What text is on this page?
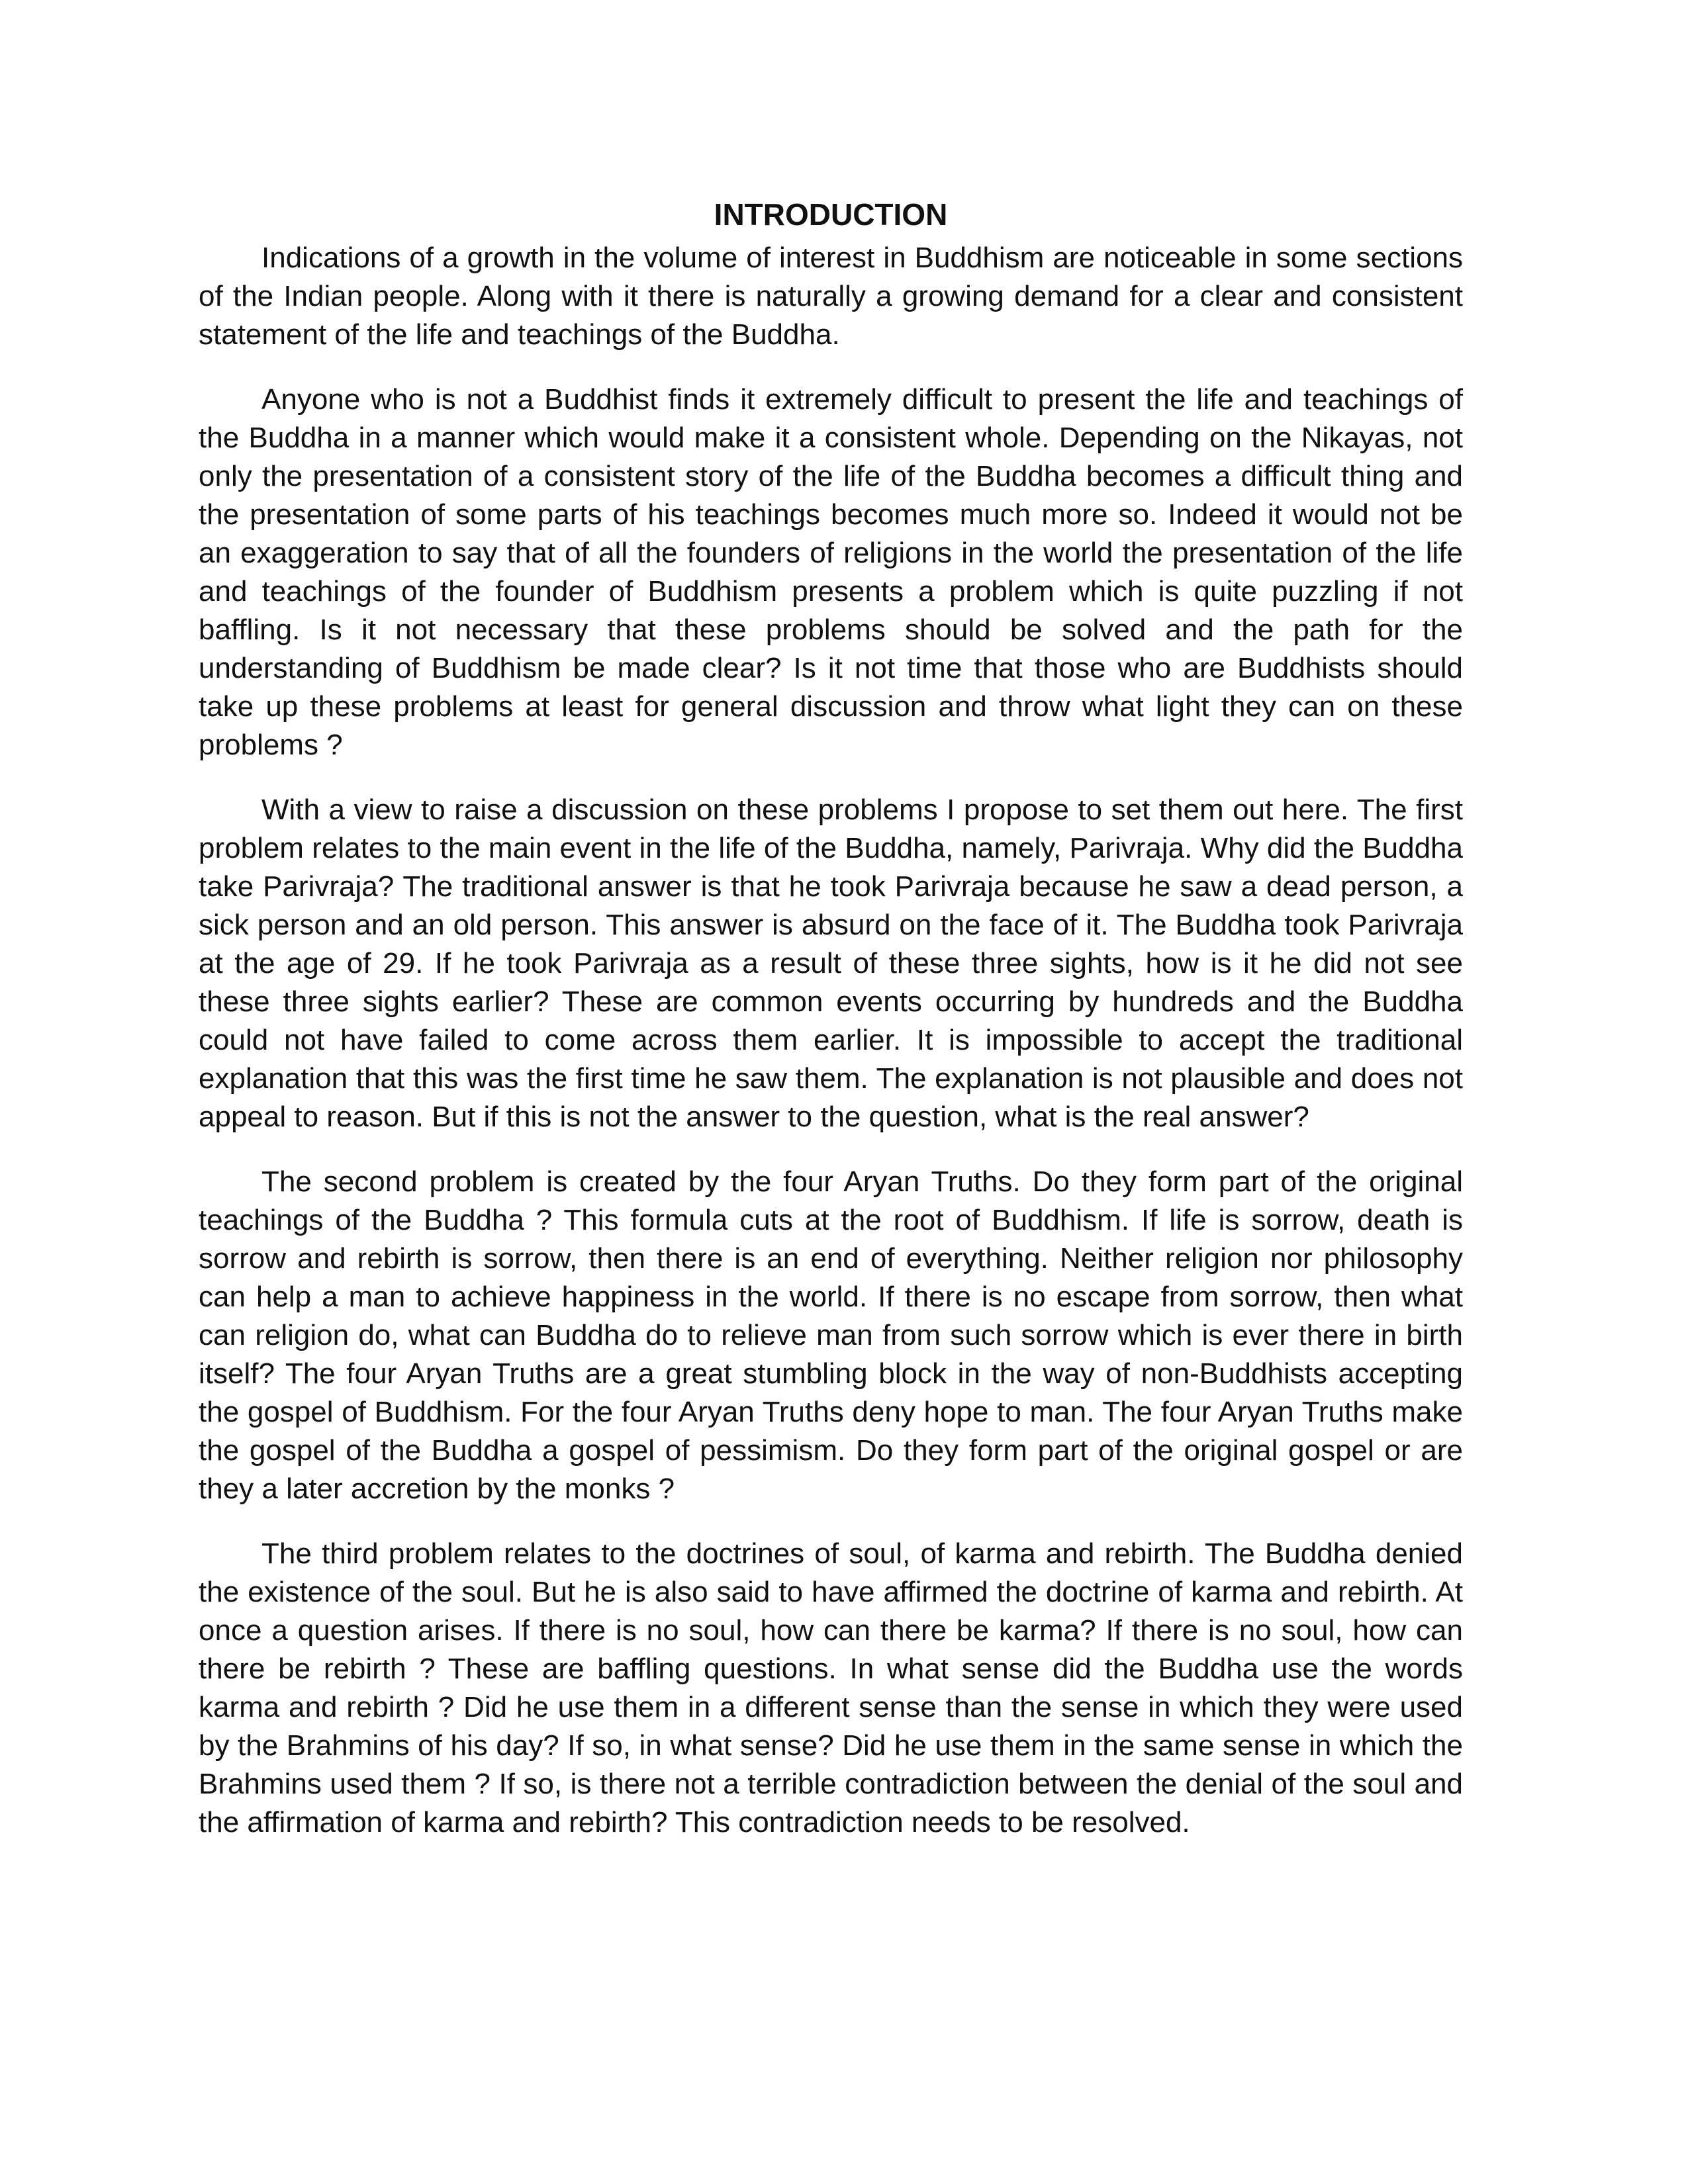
INTRODUCTION

Indications of a growth in the volume of interest in Buddhism are noticeable in some sections of the Indian people. Along with it there is naturally a growing demand for a clear and consistent statement of the life and teachings of the Buddha.

Anyone who is not a Buddhist finds it extremely difficult to present the life and teachings of the Buddha in a manner which would make it a consistent whole. Depending on the Nikayas, not only the presentation of a consistent story of the life of the Buddha becomes a difficult thing and the presentation of some parts of his teachings becomes much more so. Indeed it would not be an exaggeration to say that of all the founders of religions in the world the presentation of the life and teachings of the founder of Buddhism presents a problem which is quite puzzling if not baffling. Is it not necessary that these problems should be solved and the path for the understanding of Buddhism be made clear? Is it not time that those who are Buddhists should take up these problems at least for general discussion and throw what light they can on these problems ?

With a view to raise a discussion on these problems I propose to set them out here. The first problem relates to the main event in the life of the Buddha, namely, Parivraja. Why did the Buddha take Parivraja? The traditional answer is that he took Parivraja because he saw a dead person, a sick person and an old person. This answer is absurd on the face of it. The Buddha took Parivraja at the age of 29. If he took Parivraja as a result of these three sights, how is it he did not see these three sights earlier? These are common events occurring by hundreds and the Buddha could not have failed to come across them earlier. It is impossible to accept the traditional explanation that this was the first time he saw them. The explanation is not plausible and does not appeal to reason. But if this is not the answer to the question, what is the real answer?

The second problem is created by the four Aryan Truths. Do they form part of the original teachings of the Buddha ? This formula cuts at the root of Buddhism. If life is sorrow, death is sorrow and rebirth is sorrow, then there is an end of everything. Neither religion nor philosophy can help a man to achieve happiness in the world. If there is no escape from sorrow, then what can religion do, what can Buddha do to relieve man from such sorrow which is ever there in birth itself? The four Aryan Truths are a great stumbling block in the way of non-Buddhists accepting the gospel of Buddhism. For the four Aryan Truths deny hope to man. The four Aryan Truths make the gospel of the Buddha a gospel of pessimism. Do they form part of the original gospel or are they a later accretion by the monks ?

The third problem relates to the doctrines of soul, of karma and rebirth. The Buddha denied the existence of the soul. But he is also said to have affirmed the doctrine of karma and rebirth. At once a question arises. If there is no soul, how can there be karma? If there is no soul, how can there be rebirth ? These are baffling questions. In what sense did the Buddha use the words karma and rebirth ? Did he use them in a different sense than the sense in which they were used by the Brahmins of his day? If so, in what sense? Did he use them in the same sense in which the Brahmins used them ? If so, is there not a terrible contradiction between the denial of the soul and the affirmation of karma and rebirth? This contradiction needs to be resolved.
